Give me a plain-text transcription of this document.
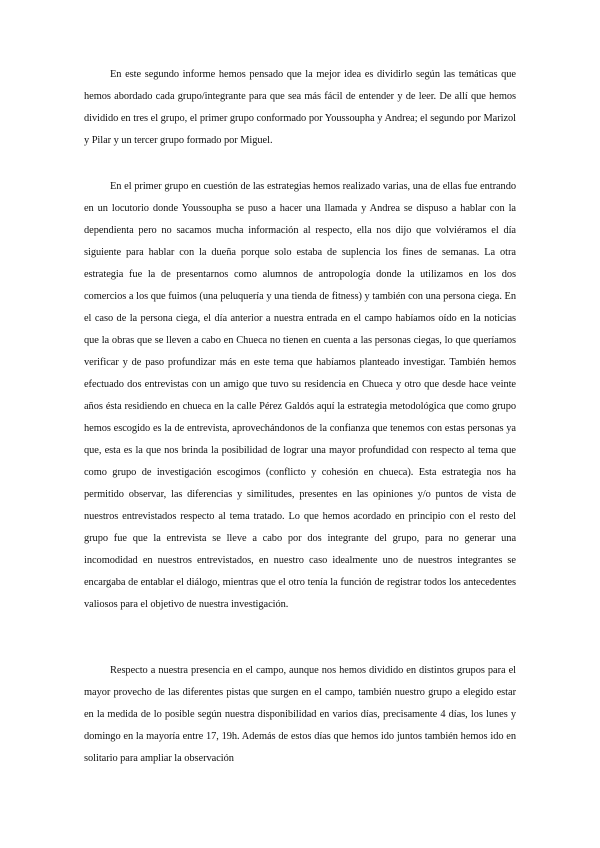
En este segundo informe hemos pensado que la mejor idea es dividirlo según las temáticas que hemos abordado cada grupo/integrante para que sea más fácil de entender y de leer. De allí que hemos dividido en tres el grupo, el primer grupo conformado por Youssoupha y Andrea; el segundo por Marizol y Pilar y un tercer grupo formado por Miguel.

En el primer grupo en cuestión de las estrategias hemos realizado varias, una de ellas fue entrando en un locutorio donde Youssoupha se puso a hacer una llamada y Andrea se dispuso a hablar con la dependienta pero no sacamos mucha información al respecto, ella nos dijo que volviéramos el día siguiente para hablar con la dueña porque solo estaba de suplencia los fines de semanas. La otra estrategia fue la de presentarnos como alumnos de antropología donde la utilizamos en los dos comercios a los que fuimos (una peluquería y una tienda de fitness) y también con una persona ciega. En el caso de la persona ciega, el día anterior a nuestra entrada en el campo habíamos oído en la noticias que la obras que se lleven a cabo en Chueca no tienen en cuenta a las personas ciegas, lo que queríamos verificar y de paso profundizar más en este tema que habíamos planteado investigar. También hemos efectuado dos entrevistas con un amigo que tuvo su residencia en Chueca y otro que desde hace veinte años ésta residiendo en chueca en la calle Pérez Galdós aquí la estrategia metodológica que como grupo hemos escogido es la de entrevista, aprovechándonos de la confianza que tenemos con estas personas ya que, esta es la que nos brinda la posibilidad de lograr una mayor profundidad con respecto al tema que como grupo de investigación escogimos (conflicto y cohesión en chueca). Esta estrategia nos ha permitido observar, las diferencias y similitudes, presentes en las opiniones y/o puntos de vista de nuestros entrevistados respecto al tema tratado. Lo que hemos acordado en principio con el resto del grupo fue que la entrevista se lleve a cabo por dos integrante del grupo, para no generar una incomodidad en nuestros entrevistados, en nuestro caso idealmente uno de nuestros integrantes se encargaba de entablar el diálogo, mientras que el otro tenía la función de registrar todos los antecedentes valiosos para el objetivo de nuestra investigación.

Respecto a nuestra presencia en el campo, aunque nos hemos dividido en distintos grupos para el mayor provecho de las diferentes pistas que surgen en el campo, también nuestro grupo a elegido estar en la medida de lo posible según nuestra disponibilidad en varios días, precisamente 4 días, los lunes y domingo en la mayoría entre 17, 19h. Además de estos días que hemos ido juntos también hemos ido en solitario para ampliar la observación
